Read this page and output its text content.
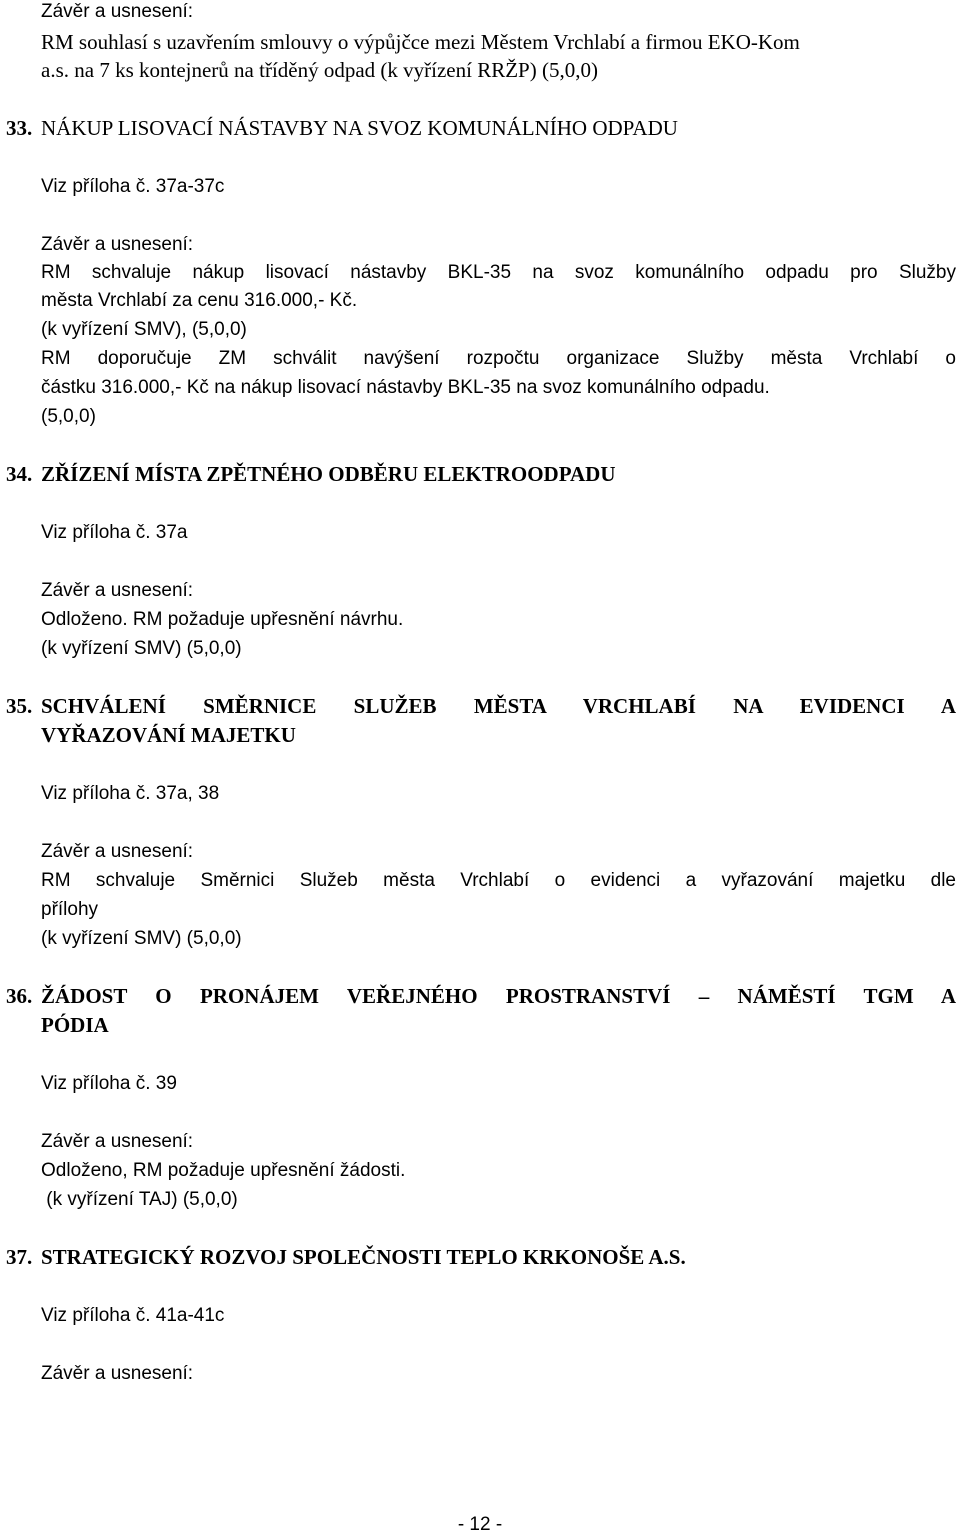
Závěr a usnesení:

RM souhlasí s uzavřením smlouvy o výpůjčce mezi Městem Vrchlabí a firmou EKO-Kom

a.s. na 7 ks kontejnerů na tříděný odpad (k vyřízení RRŽP) (5,0,0)

33. NÁKUP LISOVACÍ NÁSTAVBY NA SVOZ KOMUNÁLNÍHO ODPADU

Viz příloha č. 37a-37c

Závěr a usnesení:

RM schvaluje nákup lisovací nástavby BKL-35 na svoz komunálního odpadu pro Služby

města Vrchlabí za cenu 316.000,- Kč.

(k vyřízení SMV), (5,0,0)

RM doporučuje ZM schválit navýšení rozpočtu organizace Služby města Vrchlabí o

částku 316.000,- Kč na nákup lisovací nástavby BKL-35 na svoz komunálního odpadu.

(5,0,0)

34. ZŘÍZENÍ MÍSTA ZPĚTNÉHO ODBĚRU ELEKTROODPADU

Viz příloha č. 37a

Závěr a usnesení:

Odloženo. RM požaduje upřesnění návrhu.

(k vyřízení SMV) (5,0,0)

35. SCHVÁLENÍ SMĚRNICE SLUŽEB MĚSTA VRCHLABÍ NA EVIDENCI A

VYŘAZOVÁNÍ MAJETKU

Viz příloha č. 37a, 38

Závěr a usnesení:

RM schvaluje Směrnici Služeb města Vrchlabí o evidenci a vyřazování majetku dle

přílohy

(k vyřízení SMV) (5,0,0)

36. ŽÁDOST O PRONÁJEM VEŘEJNÉHO PROSTRANSTVÍ – NÁMĚSTÍ TGM A

PÓDIA

Viz příloha č. 39

Závěr a usnesení:

Odloženo, RM požaduje upřesnění žádosti.

(k vyřízení TAJ) (5,0,0)

37. STRATEGICKÝ ROZVOJ SPOLEČNOSTI TEPLO KRKONOŠE A.S.

Viz příloha č. 41a-41c

Závěr a usnesení:

- 12 -
